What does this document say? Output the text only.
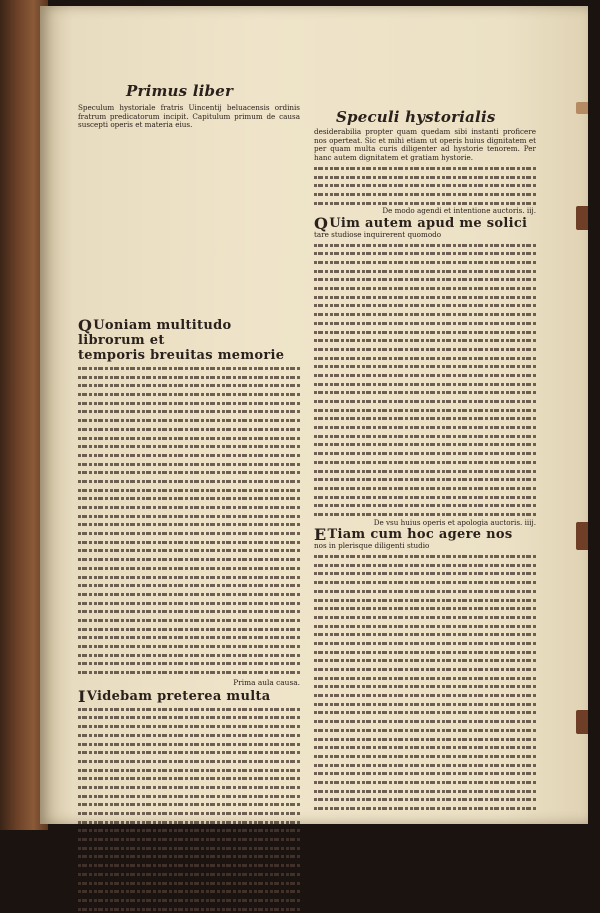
Primus liber
Speculum hystoriale fratris Uincentij beluacensis ordinis fratrum predicatorum incipit. Capitulum primum de causa suscepti operis et materia eius.
Q Uoniam multitudo librorum et
temporis breuitas memorie
Prima aula causa.
I Videbam preterea multa
Speculi hystorialis
desiderabilia propter quam quedam sibi instanti proficere nos operteat. Sic et mihi etiam ut operis huius dignitatem et per quam multa curis diligenter ad hystorie tenorem. Per hanc autem dignitatem et gratiam hystorie.
De modo agendi et intentione auctoris. iij.
Q Uim autem apud me solici
tare studiose inquirerent quomodo
De vsu huius operis et apologia auctoris. iiij.
E Tiam cum hoc agere nos
nos in plerisque diligenti studio
